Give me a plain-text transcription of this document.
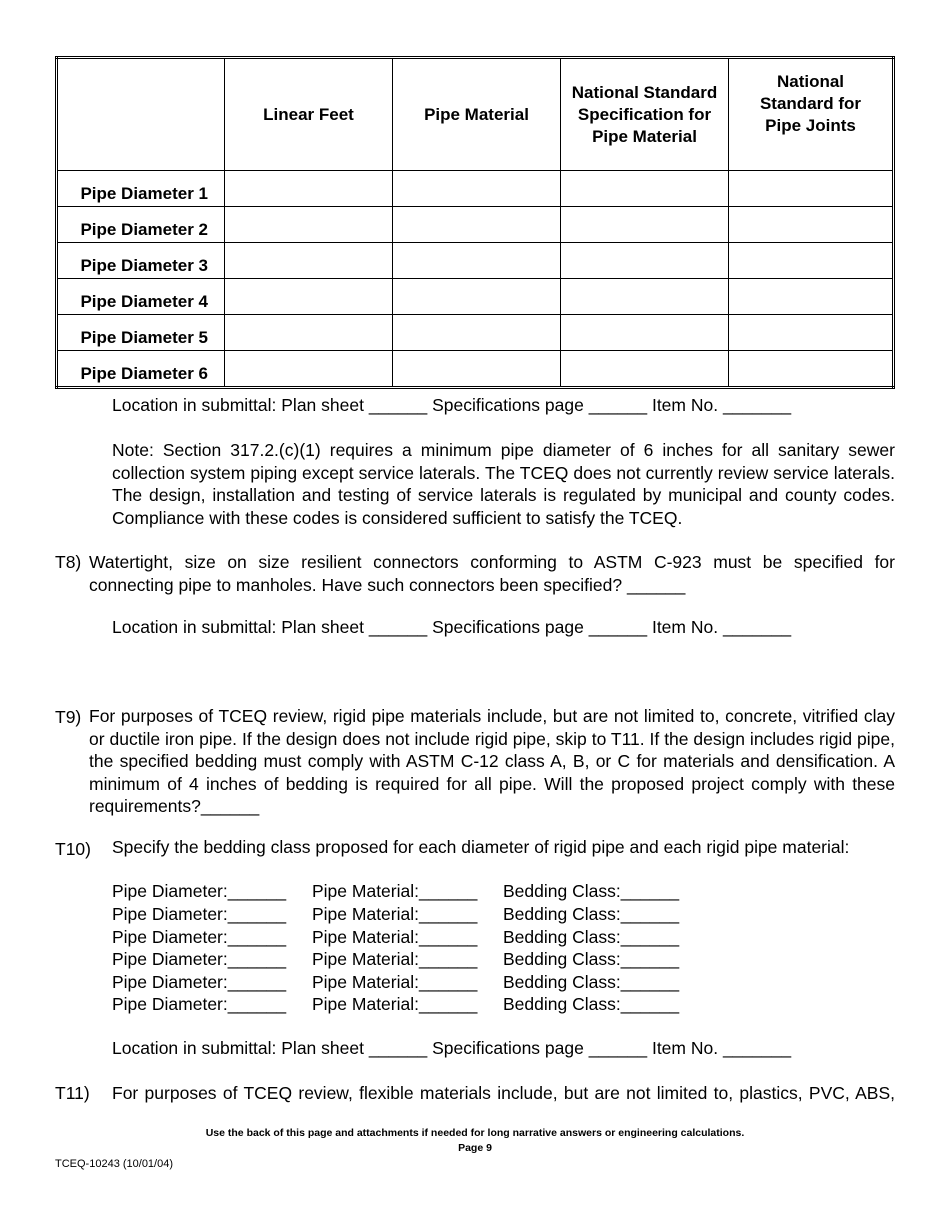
	Linear Feet	Pipe Material	National Standard Specification for Pipe Material	National Standard for Pipe Joints
Pipe Diameter 1				
Pipe Diameter 2				
Pipe Diameter 3				
Pipe Diameter 4				
Pipe Diameter 5				
Pipe Diameter 6				
Location in submittal: Plan sheet ______ Specifications page ______ Item No. _______
Note: Section 317.2.(c)(1) requires a minimum pipe diameter of 6 inches for all sanitary sewer collection system piping except service laterals. The TCEQ does not currently review service laterals. The design, installation and testing of service laterals is regulated by municipal and county codes. Compliance with these codes is considered sufficient to satisfy the TCEQ.
T8) Watertight, size on size resilient connectors conforming to ASTM C-923 must be specified for connecting pipe to manholes. Have such connectors been specified? ______
Location in submittal: Plan sheet ______ Specifications page ______ Item No. _______
T9) For purposes of TCEQ review, rigid pipe materials include, but are not limited to, concrete, vitrified clay or ductile iron pipe. If the design does not include rigid pipe, skip to T11. If the design includes rigid pipe, the specified bedding must comply with ASTM C-12 class A, B, or C for materials and densification. A minimum of 4 inches of bedding is required for all pipe. Will the proposed project comply with these requirements?______
T10) Specify the bedding class proposed for each diameter of rigid pipe and each rigid pipe material:
Pipe Diameter:______ Pipe Material:______ Bedding Class:______
Pipe Diameter:______ Pipe Material:______ Bedding Class:______
Pipe Diameter:______ Pipe Material:______ Bedding Class:______
Pipe Diameter:______ Pipe Material:______ Bedding Class:______
Pipe Diameter:______ Pipe Material:______ Bedding Class:______
Pipe Diameter:______ Pipe Material:______ Bedding Class:______
Location in submittal: Plan sheet ______ Specifications page ______ Item No. _______
T11) For purposes of TCEQ review, flexible materials include, but are not limited to, plastics, PVC, ABS,
Use the back of this page and attachments if needed for long narrative answers or engineering calculations.
Page 9
TCEQ-10243 (10/01/04)
